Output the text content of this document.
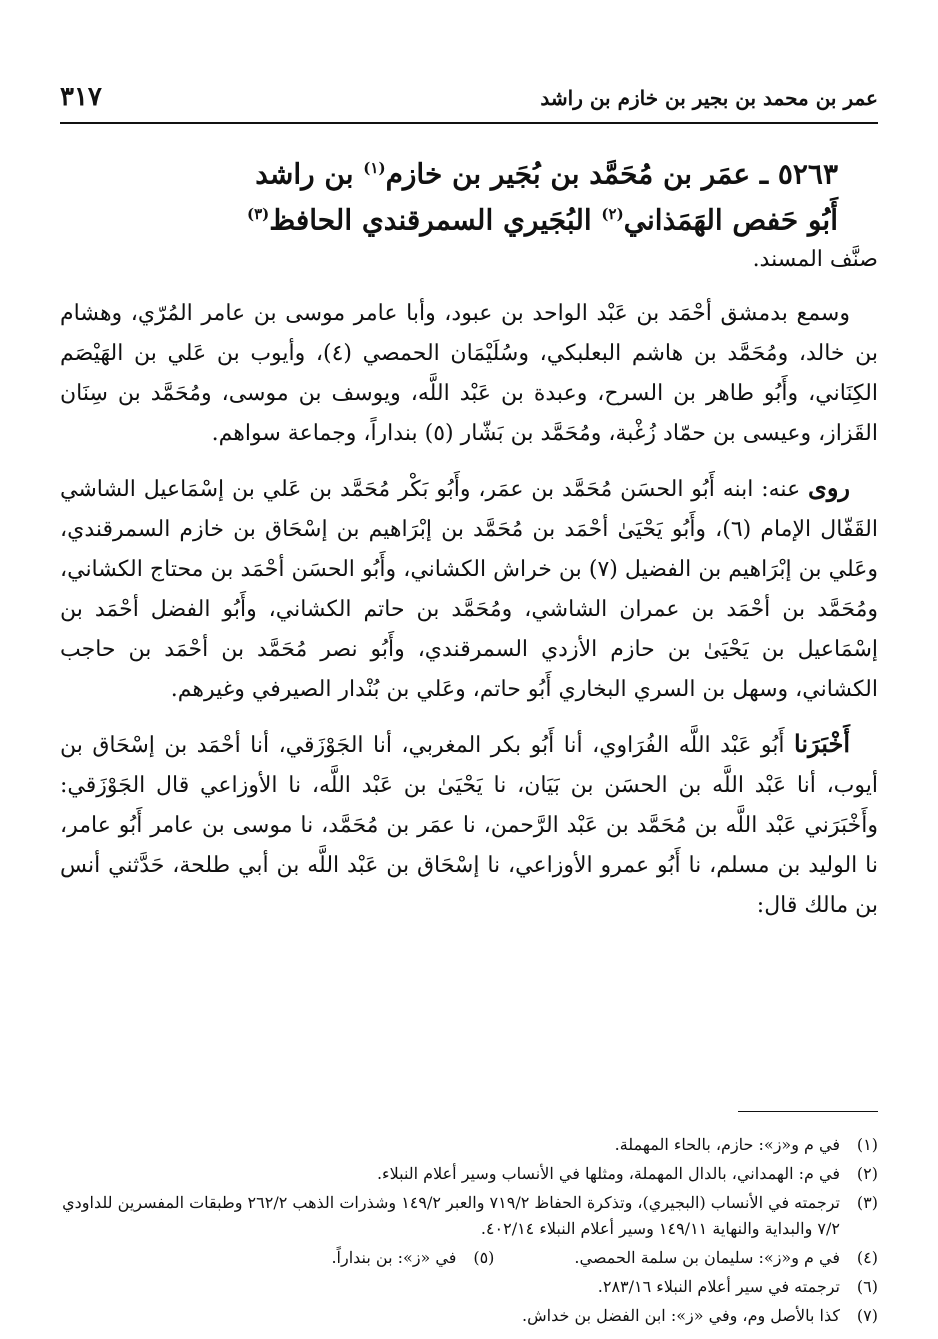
عمر بن محمد بن بجير بن خازم بن راشد
٣١٧
٥٢٦٣ ـ عمَر بن مُحَمَّد بن بُجَير بن خازم$^{(١)}$ بن راشد
أَبُو حَفص الهَمَذاني$^{(٢)}$ البُجَيري السمرقندي الحافظ$^{(٣)}$

صنَّف المسند.

وسمع بدمشق أحْمَد بن عَبْد الواحد بن عبود، وأبا عامر موسى بن عامر المُرّي، وهشام بن خالد، ومُحَمَّد بن هاشم البعلبكي، وسُلَيْمَان الحمصي (٤)، وأيوب بن عَلي بن الهَيْصَم الكِنَاني، وأَبُو طاهر بن السرح، وعبدة بن عَبْد اللَّه، ويوسف بن موسى، ومُحَمَّد بن سِنَان القَزاز، وعيسى بن حمّاد زُغْبة، ومُحَمَّد بن بَشّار (٥) بنداراً، وجماعة سواهم.

روى عنه: ابنه أَبُو الحسَن مُحَمَّد بن عمَر، وأَبُو بَكْر مُحَمَّد بن عَلي بن إسْمَاعيل الشاشي القَفّال الإمام (٦)، وأَبُو يَحْيَىٰ أحْمَد بن مُحَمَّد بن إبْرَاهيم بن إسْحَاق بن خازم السمرقندي، وعَلي بن إبْرَاهيم بن الفضيل (٧) بن خراش الكشاني، وأَبُو الحسَن أحْمَد بن محتاج الكشاني، ومُحَمَّد بن أحْمَد بن عمران الشاشي، ومُحَمَّد بن حاتم الكشاني، وأَبُو الفضل أحْمَد بن إسْمَاعيل بن يَحْيَىٰ بن حازم الأزدي السمرقندي، وأَبُو نصر مُحَمَّد بن أحْمَد بن حاجب الكشاني، وسهل بن السري البخاري أَبُو حاتم، وعَلي بن بُنْدار الصيرفي وغيرهم.

أَخْبَرَنا أَبُو عَبْد اللَّه الفُرَاوي، أنا أَبُو بكر المغربي، أنا الجَوْزَقي، أنا أحْمَد بن إسْحَاق بن أيوب، أنا عَبْد اللَّه بن الحسَن بن بَيَان، نا يَحْيَىٰ بن عَبْد اللَّه، نا الأوزاعي قال الجَوْزَقي: وأَخْبَرَني عَبْد اللَّه بن مُحَمَّد بن عَبْد الرَّحمن، نا عمَر بن مُحَمَّد، نا موسى بن عامر أَبُو عامر، نا الوليد بن مسلم، نا أَبُو عمرو الأوزاعي، نا إسْحَاق بن عَبْد اللَّه بن أبي طلحة، حَدَّثني أنس بن مالك قال:

(١)
في م و«ز»: حازم، بالحاء المهملة.
(٢)
في م: الهمداني، بالدال المهملة، ومثلها في الأنساب وسير أعلام النبلاء.
(٣)
ترجمته في الأنساب (البجيري)، وتذكرة الحفاظ ٧١٩/٢ والعبر ١٤٩/٢ وشذرات الذهب ٢٦٢/٢ وطبقات المفسرين للداودي ٧/٢ والبداية والنهاية ١٤٩/١١ وسير أعلام النبلاء ٤٠٢/١٤.
(٤)
في م و«ز»: سليمان بن سلمة الحمصي.
(٥)
في «ز»: بن بنداراً.
(٦)
ترجمته في سير أعلام النبلاء ٢٨٣/١٦.
(٧)
كذا بالأصل وم، وفي «ز»: ابن الفضل بن خداش.
